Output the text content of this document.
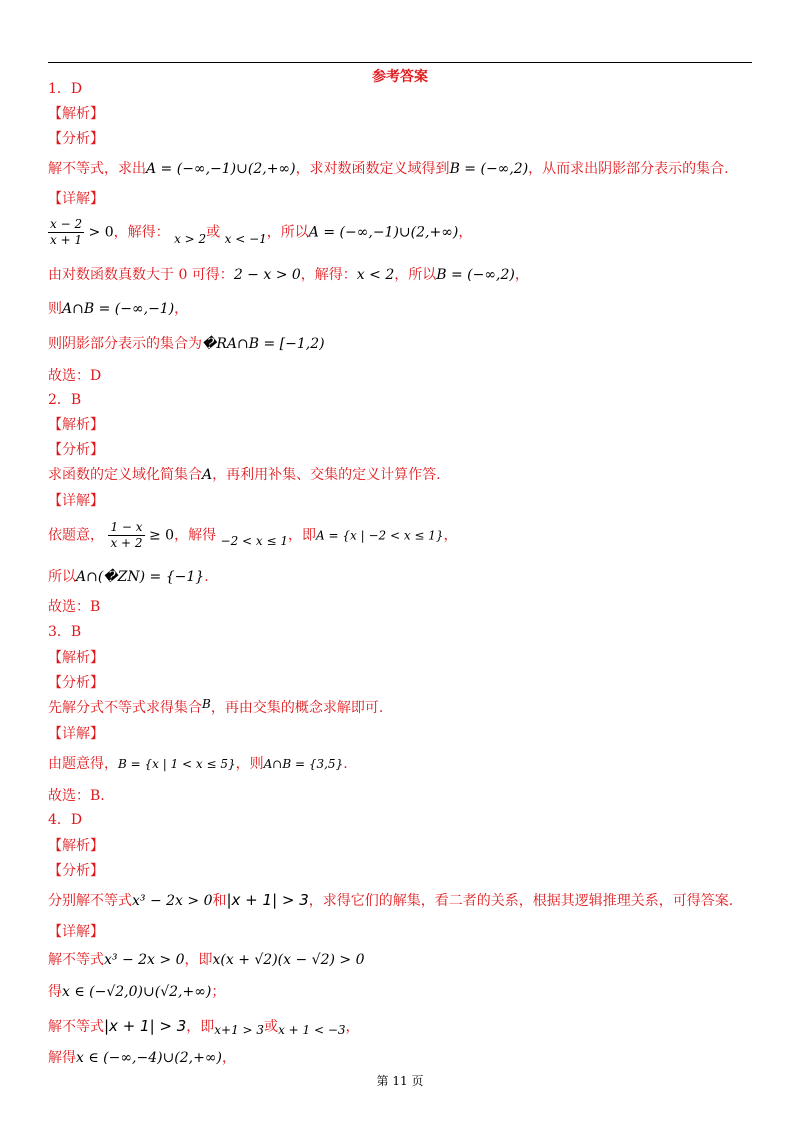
参考答案
1．D
【解析】
【分析】
解不等式，求出A = (−∞,−1)∪(2,+∞)，求对数函数定义域得到B = (−∞,2)，从而求出阴影部分表示的集合.
【详解】
$\frac{x - 2}{x + 1} > 0$，解得： x > 2或 x < −1，所以A = (−∞,−1)∪(2,+∞)，
由对数函数真数大于 0 可得：2 − x > 0，解得：x < 2，所以B = (−∞,2)，
则A∩B = (−∞,−1)，
则阴影部分表示的集合为�RA∩B = [−1,2)
故选：D
2．B
【解析】
【分析】
求函数的定义域化简集合A，再利用补集、交集的定义计算作答.
【详解】
依题意， $\frac{1 - x}{x + 2} \ge 0$，解得 −2 < x ≤ 1，即A = {x | −2 < x ≤ 1}，
所以A∩(�ZN) = {−1}.
故选：B
3．B
【解析】
【分析】
先解分式不等式求得集合B，再由交集的概念求解即可.
【详解】
由题意得，B = {x | 1 < x ≤ 5}，则A∩B = {3,5}.
故选：B.
4．D
【解析】
【分析】
分别解不等式x³ − 2x > 0和|x + 1| > 3，求得它们的解集，看二者的关系，根据其逻辑推理关系，可得答案.
【详解】
解不等式x³ − 2x > 0，即x(x + √2)(x − √2) > 0
得x ∈ (−√2,0)∪(√2,+∞)；
解不等式|x + 1| > 3，即x+1 > 3或x + 1 < −3，
解得x ∈ (−∞,−4)∪(2,+∞)，
第 11 页
